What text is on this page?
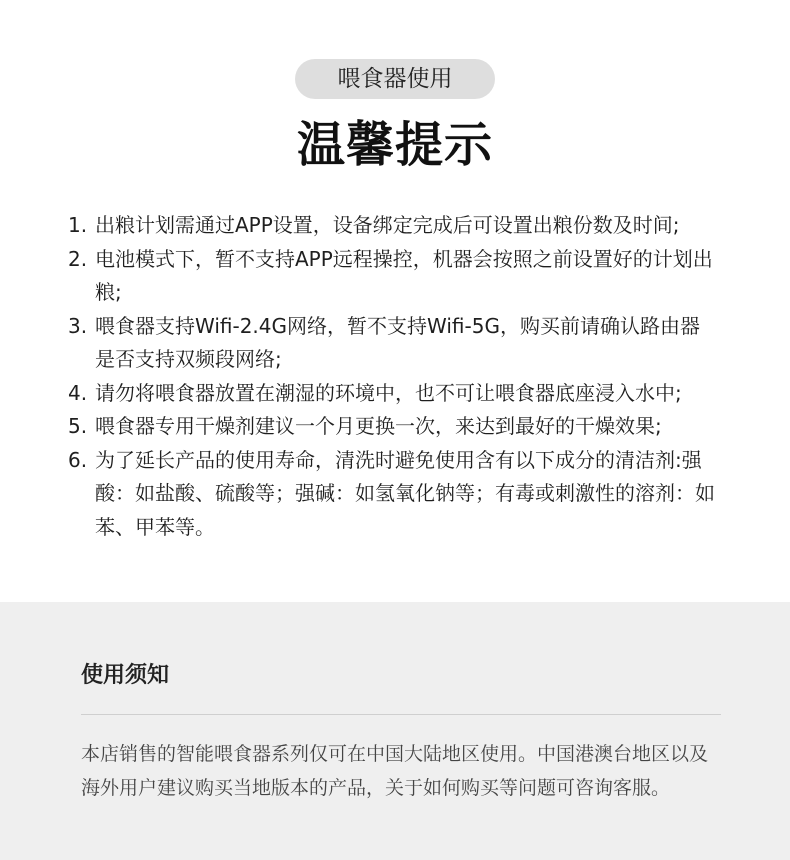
喂食器使用
温馨提示
1. 出粮计划需通过APP设置，设备绑定完成后可设置出粮份数及时间;
2. 电池模式下，暂不支持APP远程操控，机器会按照之前设置好的计划出粮;
3. 喂食器支持Wifi-2.4G网络，暂不支持Wifi-5G，购买前请确认路由器是否支持双频段网络;
4. 请勿将喂食器放置在潮湿的环境中，也不可让喂食器底座浸入水中;
5. 喂食器专用干燥剂建议一个月更换一次，来达到最好的干燥效果;
6. 为了延长产品的使用寿命，清洗时避免使用含有以下成分的清洁剂:强酸：如盐酸、硫酸等；强碱：如氢氧化钠等；有毒或刺激性的溶剂：如苯、甲苯等。
使用须知

本店销售的智能喂食器系列仅可在中国大陆地区使用。中国港澳台地区以及海外用户建议购买当地版本的产品，关于如何购买等问题可咨询客服。
